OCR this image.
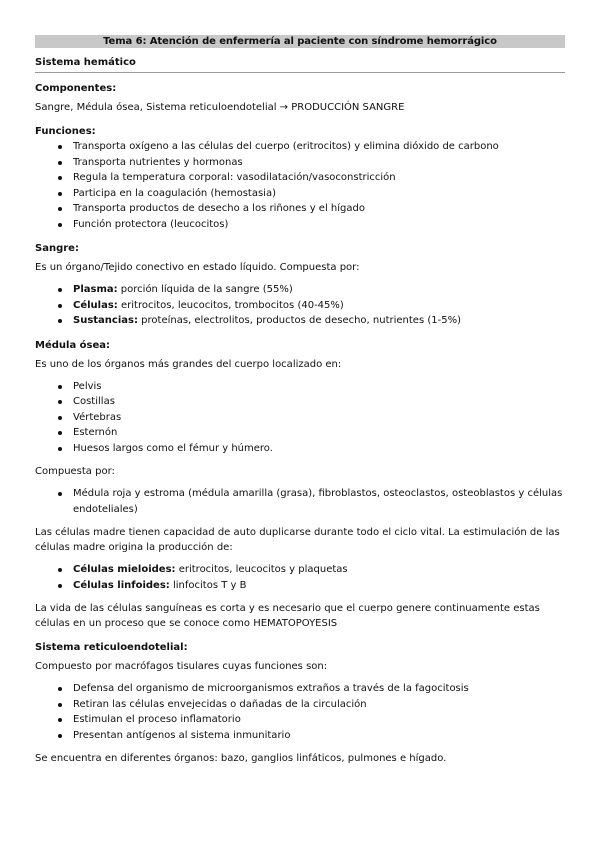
Tema 6: Atención de enfermería al paciente con síndrome hemorrágico
Sistema hemático
Componentes:

Sangre, Médula ósea, Sistema reticuloendotelial → PRODUCCIÓN SANGRE

Funciones:
Transporta oxígeno a las células del cuerpo (eritrocitos) y elimina dióxido de carbono
Transporta nutrientes y hormonas
Regula la temperatura corporal: vasodilatación/vasoconstricción
Participa en la coagulación (hemostasia)
Transporta productos de desecho a los riñones y el hígado
Función protectora (leucocitos)
Sangre:

Es un órgano/Tejido conectivo en estado líquido. Compuesta por:

Plasma: porción líquida de la sangre (55%)
Células: eritrocitos, leucocitos, trombocitos (40-45%)
Sustancias: proteínas, electrolitos, productos de desecho, nutrientes (1-5%)
Médula ósea:

Es uno de los órganos más grandes del cuerpo localizado en:

Pelvis
Costillas
Vértebras
Esternón
Huesos largos como el fémur y húmero.

Compuesta por:

Médula roja y estroma (médula amarilla (grasa), fibroblastos, osteoclastos, osteoblastos y células endoteliales)

Las células madre tienen capacidad de auto duplicarse durante todo el ciclo vital. La estimulación de las células madre origina la producción de:

Células mieloides: eritrocitos, leucocitos y plaquetas
Células linfoides: linfocitos T y B

La vida de las células sanguíneas es corta y es necesario que el cuerpo genere continuamente estas células en un proceso que se conoce como HEMATOPOYESIS

Sistema reticuloendotelial:

Compuesto por macrófagos tisulares cuyas funciones son:

Defensa del organismo de microorganismos extraños a través de la fagocitosis
Retiran las células envejecidas o dañadas de la circulación
Estimulan el proceso inflamatorio
Presentan antígenos al sistema inmunitario

Se encuentra en diferentes órganos: bazo, ganglios linfáticos, pulmones e hígado.
